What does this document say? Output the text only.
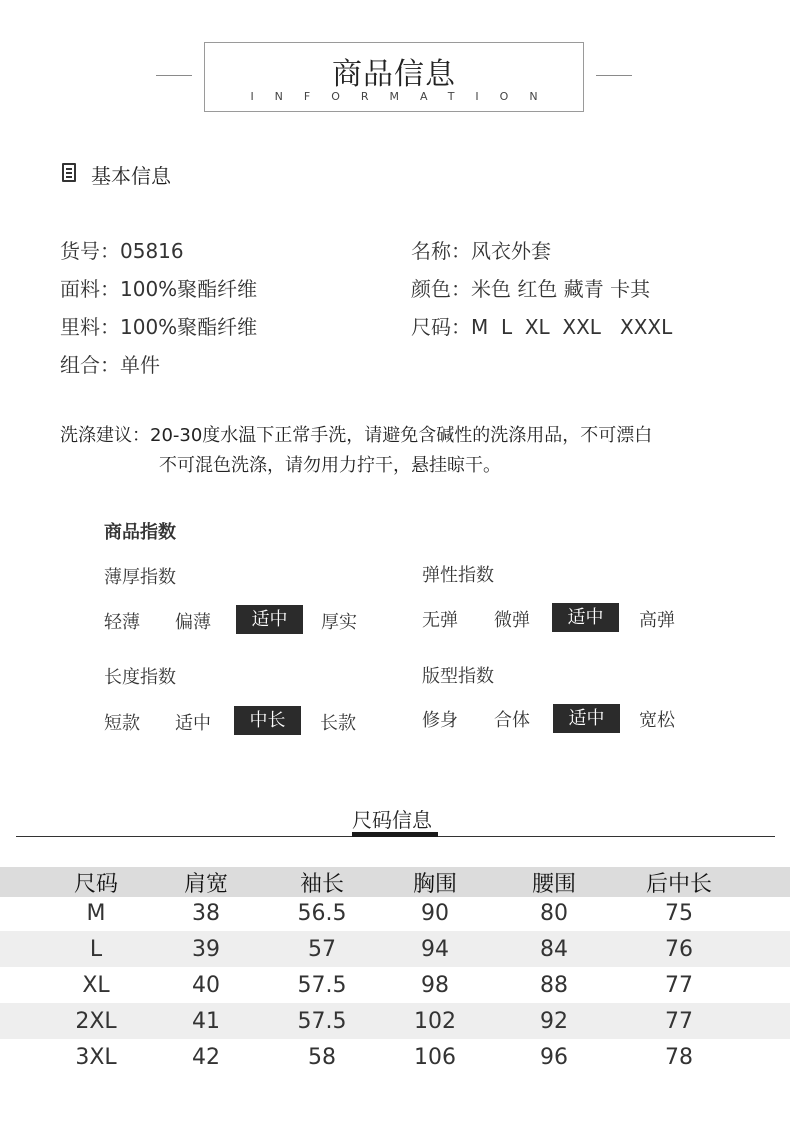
商品信息
INFORMATION
基本信息
货号：05816	名称：风衣外套
面料：100%聚酯纤维	颜色：米色 红色 藏青 卡其
里料：100%聚酯纤维	尺码：M  L  XL  XXL   XXXL
组合：单件
洗涤建议：20-30度水温下正常手洗，请避免含碱性的洗涤用品，不可漂白
不可混色洗涤，请勿用力拧干，悬挂晾干。
商品指数
薄厚指数
轻薄 偏薄	适中	厚实
弹性指数
无弹 微弹	适中	高弹
长度指数
短款 适中	中长	长款
版型指数
修身 合体	适中	宽松
尺码信息
尺码	肩宽	袖长	胸围	腰围	后中长
M	38	56.5	90	80	75
L	39	57	94	84	76
XL	40	57.5	98	88	77
2XL	41	57.5	102	92	77
3XL	42	58	106	96	78
